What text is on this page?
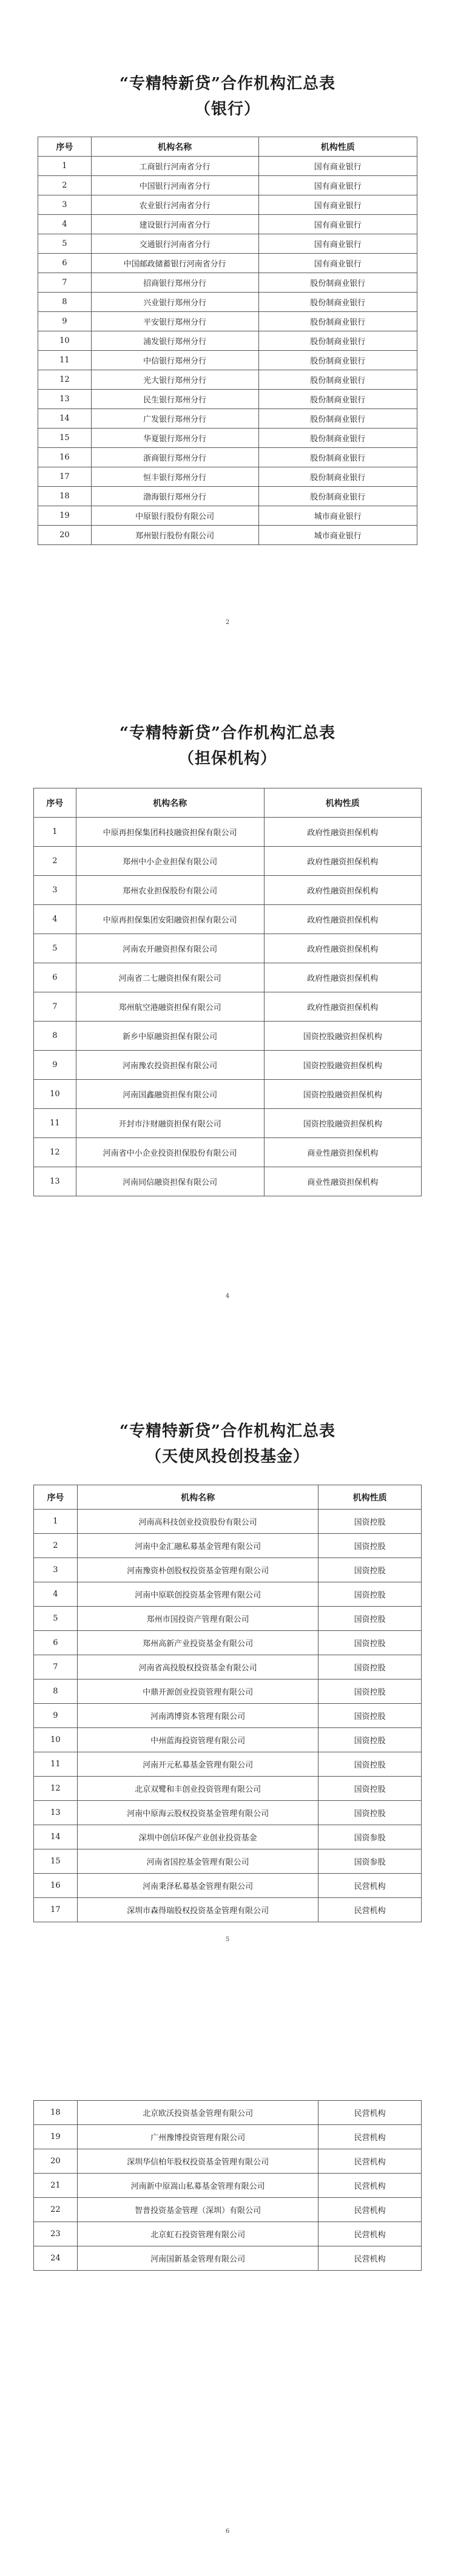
“专精特新贷”合作机构汇总表
（银行）
序号	机构名称	机构性质
1	工商银行河南省分行	国有商业银行
2	中国银行河南省分行	国有商业银行
3	农业银行河南省分行	国有商业银行
4	建设银行河南省分行	国有商业银行
5	交通银行河南省分行	国有商业银行
6	中国邮政储蓄银行河南省分行	国有商业银行
7	招商银行郑州分行	股份制商业银行
8	兴业银行郑州分行	股份制商业银行
9	平安银行郑州分行	股份制商业银行
10	浦发银行郑州分行	股份制商业银行
11	中信银行郑州分行	股份制商业银行
12	光大银行郑州分行	股份制商业银行
13	民生银行郑州分行	股份制商业银行
14	广发银行郑州分行	股份制商业银行
15	华夏银行郑州分行	股份制商业银行
16	浙商银行郑州分行	股份制商业银行
17	恒丰银行郑州分行	股份制商业银行
18	渤海银行郑州分行	股份制商业银行
19	中原银行股份有限公司	城市商业银行
20	郑州银行股份有限公司	城市商业银行
2
“专精特新贷”合作机构汇总表
（担保机构）
序号	机构名称	机构性质
1	中原再担保集团科技融资担保有限公司	政府性融资担保机构
2	郑州中小企业担保有限公司	政府性融资担保机构
3	郑州农业担保股份有限公司	政府性融资担保机构
4	中原再担保集团安阳融资担保有限公司	政府性融资担保机构
5	河南农开融资担保有限公司	政府性融资担保机构
6	河南省二七融资担保有限公司	政府性融资担保机构
7	郑州航空港融资担保有限公司	政府性融资担保机构
8	新乡中原融资担保有限公司	国资控股融资担保机构
9	河南豫农投资担保有限公司	国资控股融资担保机构
10	河南国鑫融资担保有限公司	国资控股融资担保机构
11	开封市汴财融资担保有限公司	国资控股融资担保机构
12	河南省中小企业投资担保股份有限公司	商业性融资担保机构
13	河南同信融资担保有限公司	商业性融资担保机构
4
“专精特新贷”合作机构汇总表
（天使风投创投基金）
序号	机构名称	机构性质
1	河南高科技创业投资股份有限公司	国资控股
2	河南中金汇融私募基金管理有限公司	国资控股
3	河南豫资朴创股权投资基金管理有限公司	国资控股
4	河南中原联创投资基金管理有限公司	国资控股
5	郑州市国投资产管理有限公司	国资控股
6	郑州高新产业投资基金有限公司	国资控股
7	河南省高投股权投资基金有限公司	国资控股
8	中鼎开源创业投资管理有限公司	国资控股
9	河南鸿博资本管理有限公司	国资控股
10	中州蓝海投资管理有限公司	国资控股
11	河南开元私募基金管理有限公司	国资控股
12	北京双鹭和丰创业投资管理有限公司	国资控股
13	河南中原海云股权投资基金管理有限公司	国资控股
14	深圳中创信环保产业创业投资基金	国资参股
15	河南省国控基金管理有限公司	国资参股
16	河南秉泽私募基金管理有限公司	民营机构
17	深圳市森得瑞股权投资基金管理有限公司	民营机构
5
18	北京欧沃投资基金管理有限公司	民营机构
19	广州豫博投资管理有限公司	民营机构
20	深圳华信柏年股权投资基金管理有限公司	民营机构
21	河南新中原嵩山私募基金管理有限公司	民营机构
22	智普投资基金管理（深圳）有限公司	民营机构
23	北京虹石投资管理有限公司	民营机构
24	河南国新基金管理有限公司	民营机构
6
